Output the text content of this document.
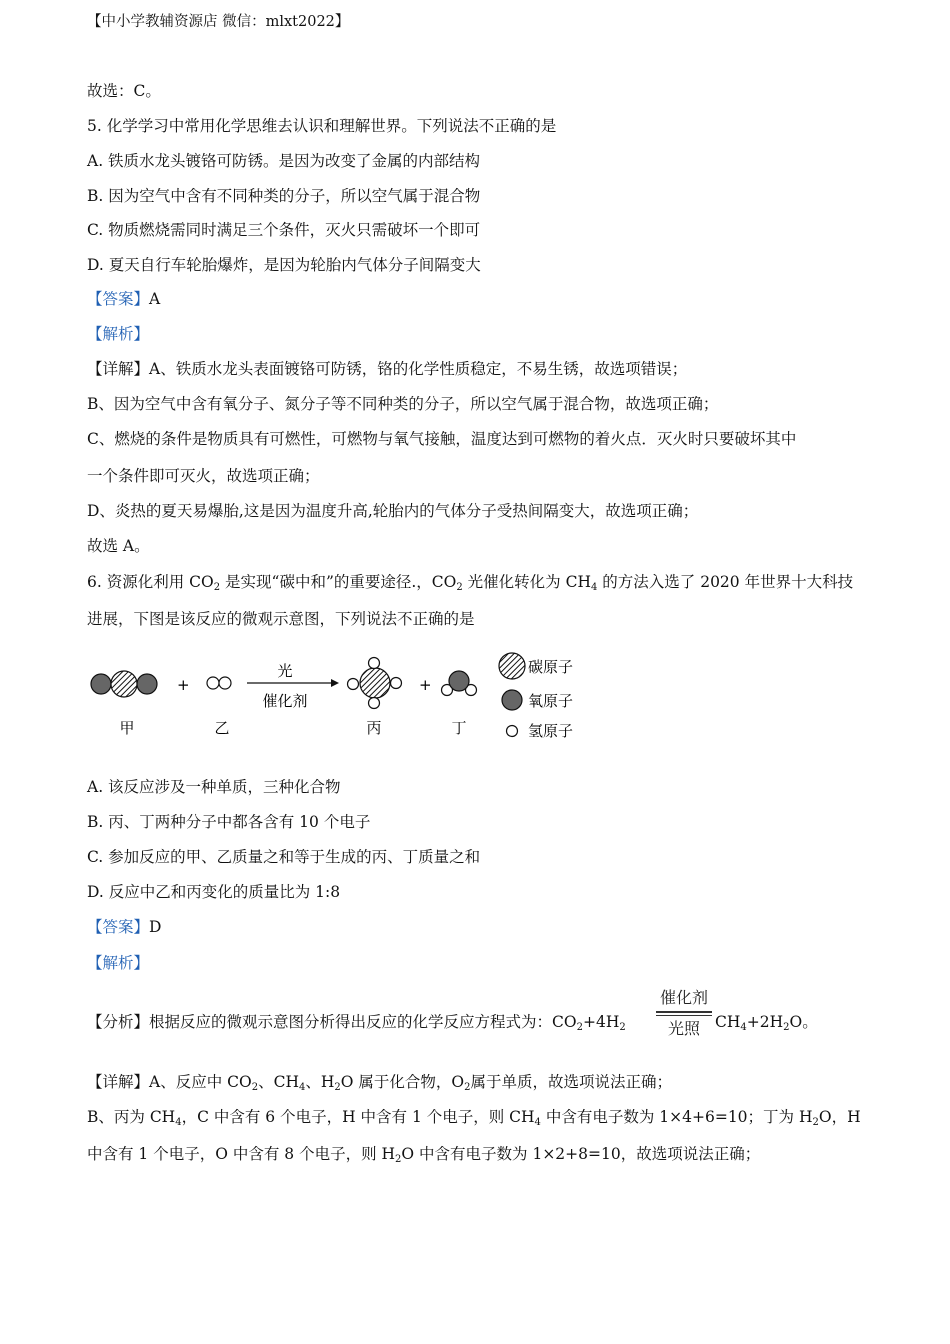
【中小学教辅资源店 微信：mlxt2022】
故选：C。
5. 化学学习中常用化学思维去认识和理解世界。下列说法不正确的是
A. 铁质水龙头镀铬可防锈。是因为改变了金属的内部结构
B. 因为空气中含有不同种类的分子，所以空气属于混合物
C. 物质燃烧需同时满足三个条件，灭火只需破坏一个即可
D. 夏天自行车轮胎爆炸，是因为轮胎内气体分子间隔变大
【答案】A
【解析】
【详解】A、铁质水龙头表面镀铬可防锈，铬的化学性质稳定，不易生锈，故选项错误；
B、因为空气中含有氧分子、氮分子等不同种类的分子，所以空气属于混合物，故选项正确；
C、燃烧的条件是物质具有可燃性，可燃物与氧气接触，温度达到可燃物的着火点．灭火时只要破坏其中
一个条件即可灭火，故选项正确；
D、炎热的夏天易爆胎,这是因为温度升高,轮胎内的气体分子受热间隔变大，故选项正确；
故选 A。
6. 资源化利用 $CO_2$ 是实现“碳中和”的重要途径.，$CO_2$ 光催化转化为 $CH_4$ 的方法入选了 2020 年世界十大科技
进展，下图是该反应的微观示意图，下列说法不正确的是
+
光
催化剂
+
甲	乙	丙	丁
碳原子
氧原子
氢原子
A. 该反应涉及一种单质，三种化合物
B. 丙、丁两种分子中都各含有 10 个电子
C. 参加反应的甲、乙质量之和等于生成的丙、丁质量之和
D. 反应中乙和丙变化的质量比为 1:8
【答案】D
【解析】
【分析】根据反应的微观示意图分析得出反应的化学反应方程式为：$CO_2+4H_2$
催化剂
光照 $CH_4+2H_2O$。
【详解】A、反应中 $CO_2$、$CH_4$、$H_2O$ 属于化合物，$O_2$属于单质，故选项说法正确；
B、丙为 $CH_4$，C 中含有 6 个电子，H 中含有 1 个电子，则 $CH_4$ 中含有电子数为 1×4+6=10；丁为 $H_2O$，H
中含有 1 个电子，O 中含有 8 个电子，则 $H_2O$ 中含有电子数为 1×2+8=10，故选项说法正确；
